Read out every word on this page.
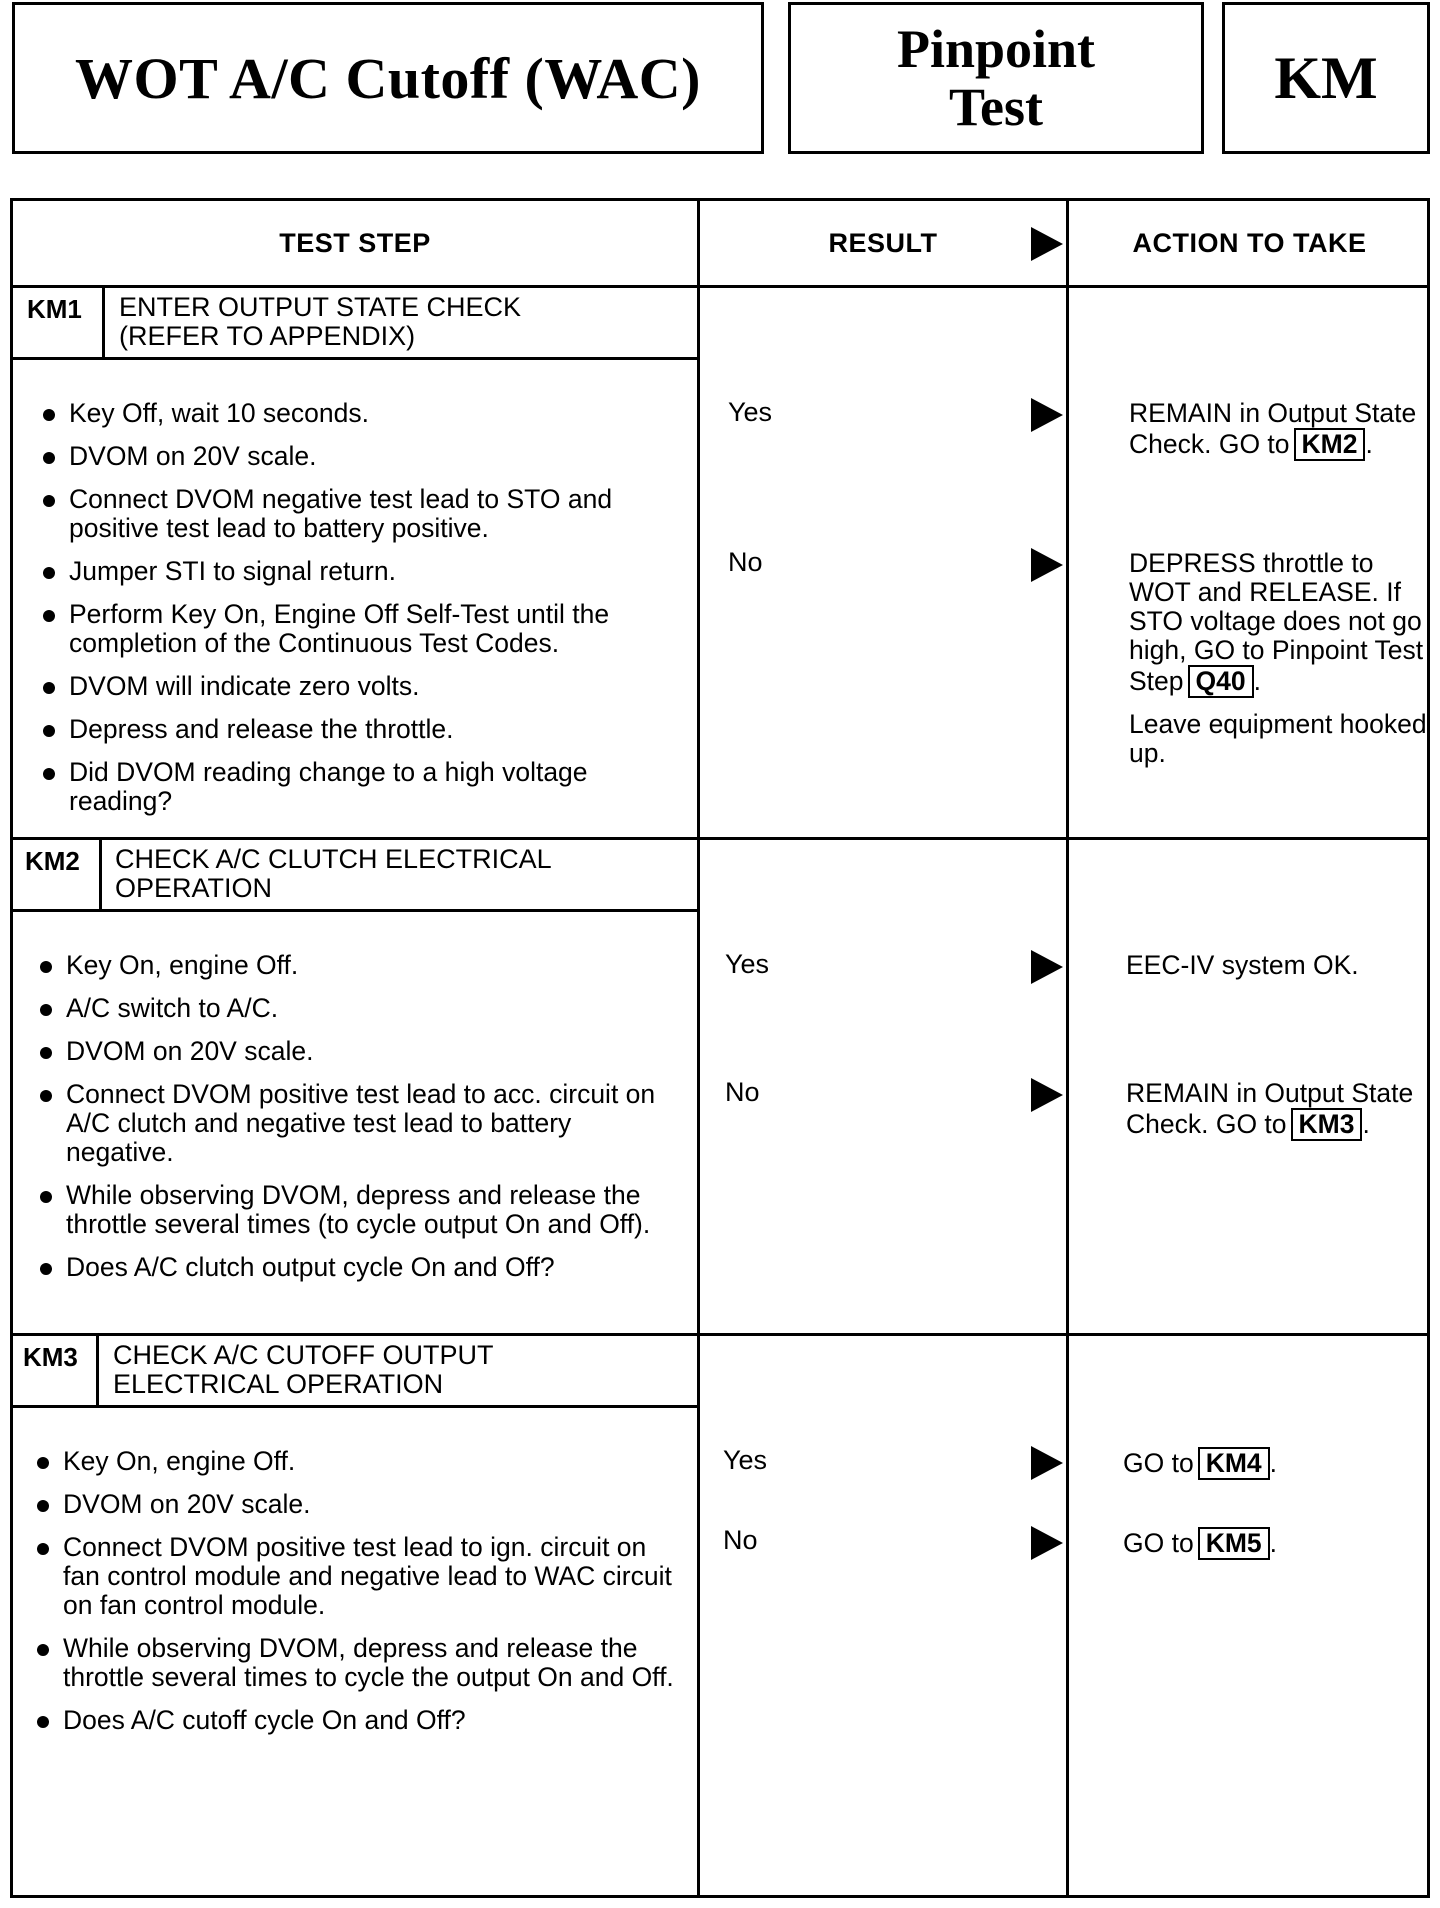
WOT A/C Cutoff (WAC)	Pinpoint
Test	KM
TEST STEP	RESULT	ACTION TO TAKE
KM1 ENTER OUTPUT STATE CHECK
(REFER TO APPENDIX)
Key Off, wait 10 seconds.
DVOM on 20V scale.
Connect DVOM negative test lead to STO and positive test lead to battery positive.
Jumper STI to signal return.
Perform Key On, Engine Off Self-Test until the completion of the Continuous Test Codes.
DVOM will indicate zero volts.
Depress and release the throttle.
Did DVOM reading change to a high voltage reading?
Yes	REMAIN in Output State Check. GO to KM2 .
No	DEPRESS throttle to WOT and RELEASE. If STO voltage does not go high, GO to Pinpoint Test Step Q40 .
Leave equipment hooked up.
KM2 CHECK A/C CLUTCH ELECTRICAL
OPERATION
Key On, engine Off.
A/C switch to A/C.
DVOM on 20V scale.
Connect DVOM positive test lead to acc. circuit on A/C clutch and negative test lead to battery negative.
While observing DVOM, depress and release the throttle several times (to cycle output On and Off).
Does A/C clutch output cycle On and Off?
Yes	EEC-IV system OK.
No	REMAIN in Output State Check. GO to KM3 .
KM3 CHECK A/C CUTOFF OUTPUT
ELECTRICAL OPERATION
Key On, engine Off.
DVOM on 20V scale.
Connect DVOM positive test lead to ign. circuit on fan control module and negative lead to WAC circuit on fan control module.
While observing DVOM, depress and release the throttle several times to cycle the output On and Off.
Does A/C cutoff cycle On and Off?
Yes	GO to KM4 .
No	GO to KM5 .
